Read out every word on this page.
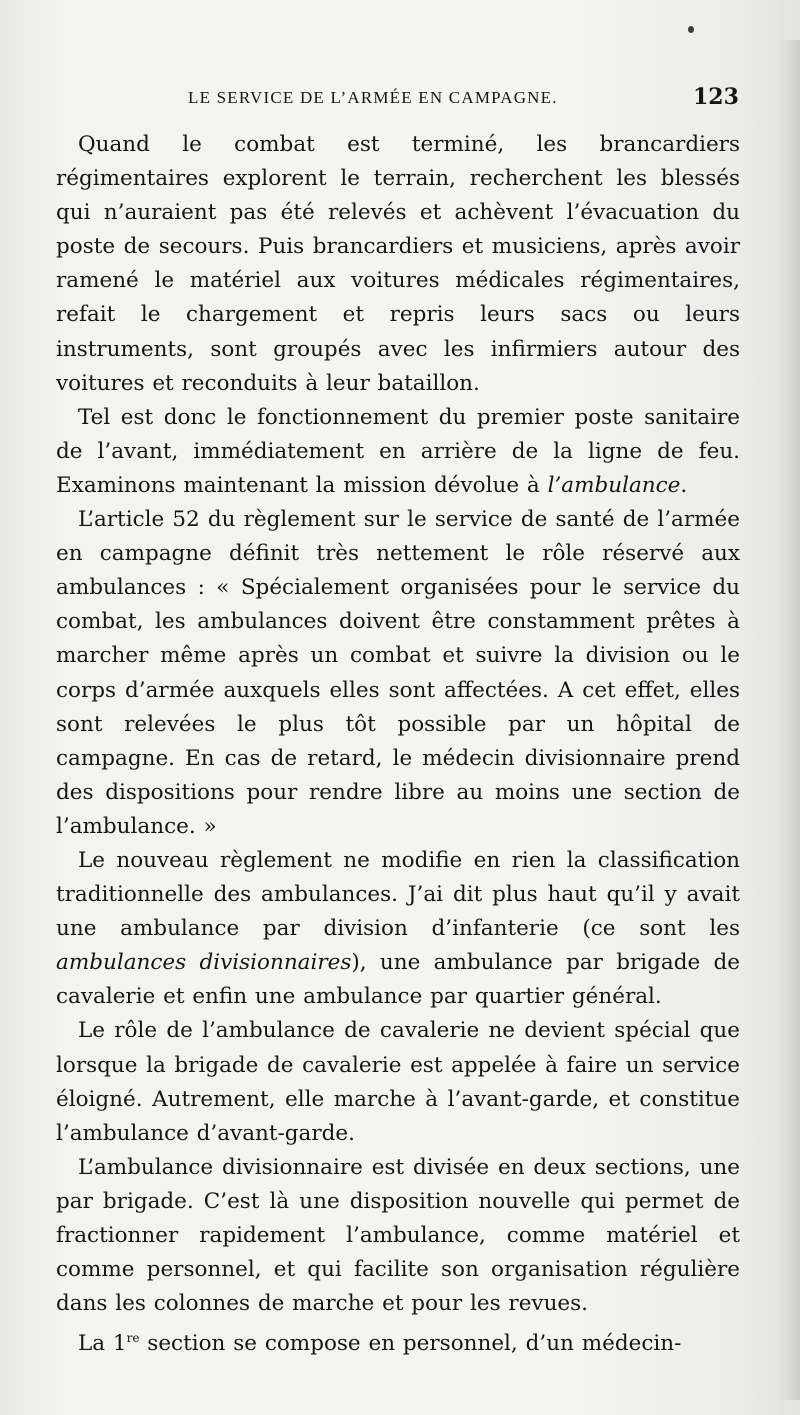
LE SERVICE DE L’ARMÉE EN CAMPAGNE.	123

Quand le combat est terminé, les brancardiers régimentaires explorent le terrain, recherchent les blessés qui n’auraient pas été relevés et achèvent l’évacuation du poste de secours. Puis brancardiers et musiciens, après avoir ramené le matériel aux voitures médicales régimentaires, refait le chargement et repris leurs sacs ou leurs instruments, sont groupés avec les infirmiers autour des voitures et reconduits à leur bataillon.

Tel est donc le fonctionnement du premier poste sanitaire de l’avant, immédiatement en arrière de la ligne de feu. Examinons maintenant la mission dévolue à l’ambulance.

L’article 52 du règlement sur le service de santé de l’armée en campagne définit très nettement le rôle réservé aux ambulances : « Spécialement organisées pour le service du combat, les ambulances doivent être constamment prêtes à marcher même après un combat et suivre la division ou le corps d’armée auxquels elles sont affectées. A cet effet, elles sont relevées le plus tôt possible par un hôpital de campagne. En cas de retard, le médecin divisionnaire prend des dispositions pour rendre libre au moins une section de l’ambulance. »

Le nouveau règlement ne modifie en rien la classification traditionnelle des ambulances. J’ai dit plus haut qu’il y avait une ambulance par division d’infanterie (ce sont les ambulances divisionnaires), une ambulance par brigade de cavalerie et enfin une ambulance par quartier général.

Le rôle de l’ambulance de cavalerie ne devient spécial que lorsque la brigade de cavalerie est appelée à faire un service éloigné. Autrement, elle marche à l’avant-garde, et constitue l’ambulance d’avant-garde.

L’ambulance divisionnaire est divisée en deux sections, une par brigade. C’est là une disposition nouvelle qui permet de fractionner rapidement l’ambulance, comme matériel et comme personnel, et qui facilite son organisation régulière dans les colonnes de marche et pour les revues.

La 1re section se compose en personnel, d’un médecin-
